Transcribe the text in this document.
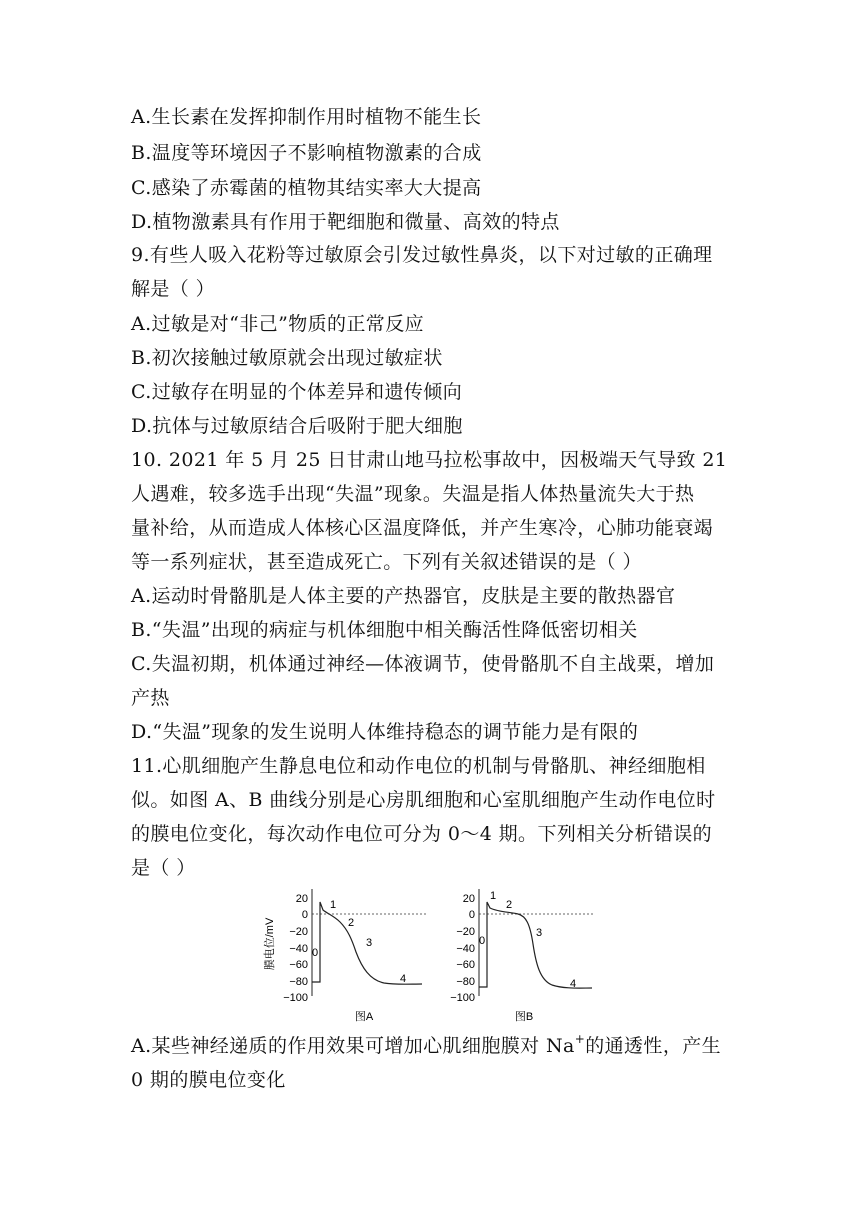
A.生长素在发挥抑制作用时植物不能生长
B.温度等环境因子不影响植物激素的合成
C.感染了赤霉菌的植物其结实率大大提高
D.植物激素具有作用于靶细胞和微量、高效的特点
9.有些人吸入花粉等过敏原会引发过敏性鼻炎，以下对过敏的正确理
解是（ ）
A.过敏是对“非己”物质的正常反应
B.初次接触过敏原就会出现过敏症状
C.过敏存在明显的个体差异和遗传倾向
D.抗体与过敏原结合后吸附于肥大细胞
10. 2021 年 5 月 25 日甘肃山地马拉松事故中，因极端天气导致 21
人遇难，较多选手出现“失温”现象。失温是指人体热量流失大于热
量补给，从而造成人体核心区温度降低，并产生寒冷，心肺功能衰竭
等一系列症状，甚至造成死亡。下列有关叙述错误的是（ ）
A.运动时骨骼肌是人体主要的产热器官，皮肤是主要的散热器官
B.“失温”出现的病症与机体细胞中相关酶活性降低密切相关
C.失温初期，机体通过神经—体液调节，使骨骼肌不自主战栗，增加
产热
D.“失温”现象的发生说明人体维持稳态的调节能力是有限的
11.心肌细胞产生静息电位和动作电位的机制与骨骼肌、神经细胞相
似。如图 A、B 曲线分别是心房肌细胞和心室肌细胞产生动作电位时
的膜电位变化，每次动作电位可分为 0～4 期。下列相关分析错误的
是（ ）
膜电位/mV
20
0
−20
−40
−60
−80
−100
0
1
2
3
4
图A
20
0
−20
−40
−60
−80
−100
0
1
2
3
4
图B
A.某些神经递质的作用效果可增加心肌细胞膜对 Na+的通透性，产生
0 期的膜电位变化
